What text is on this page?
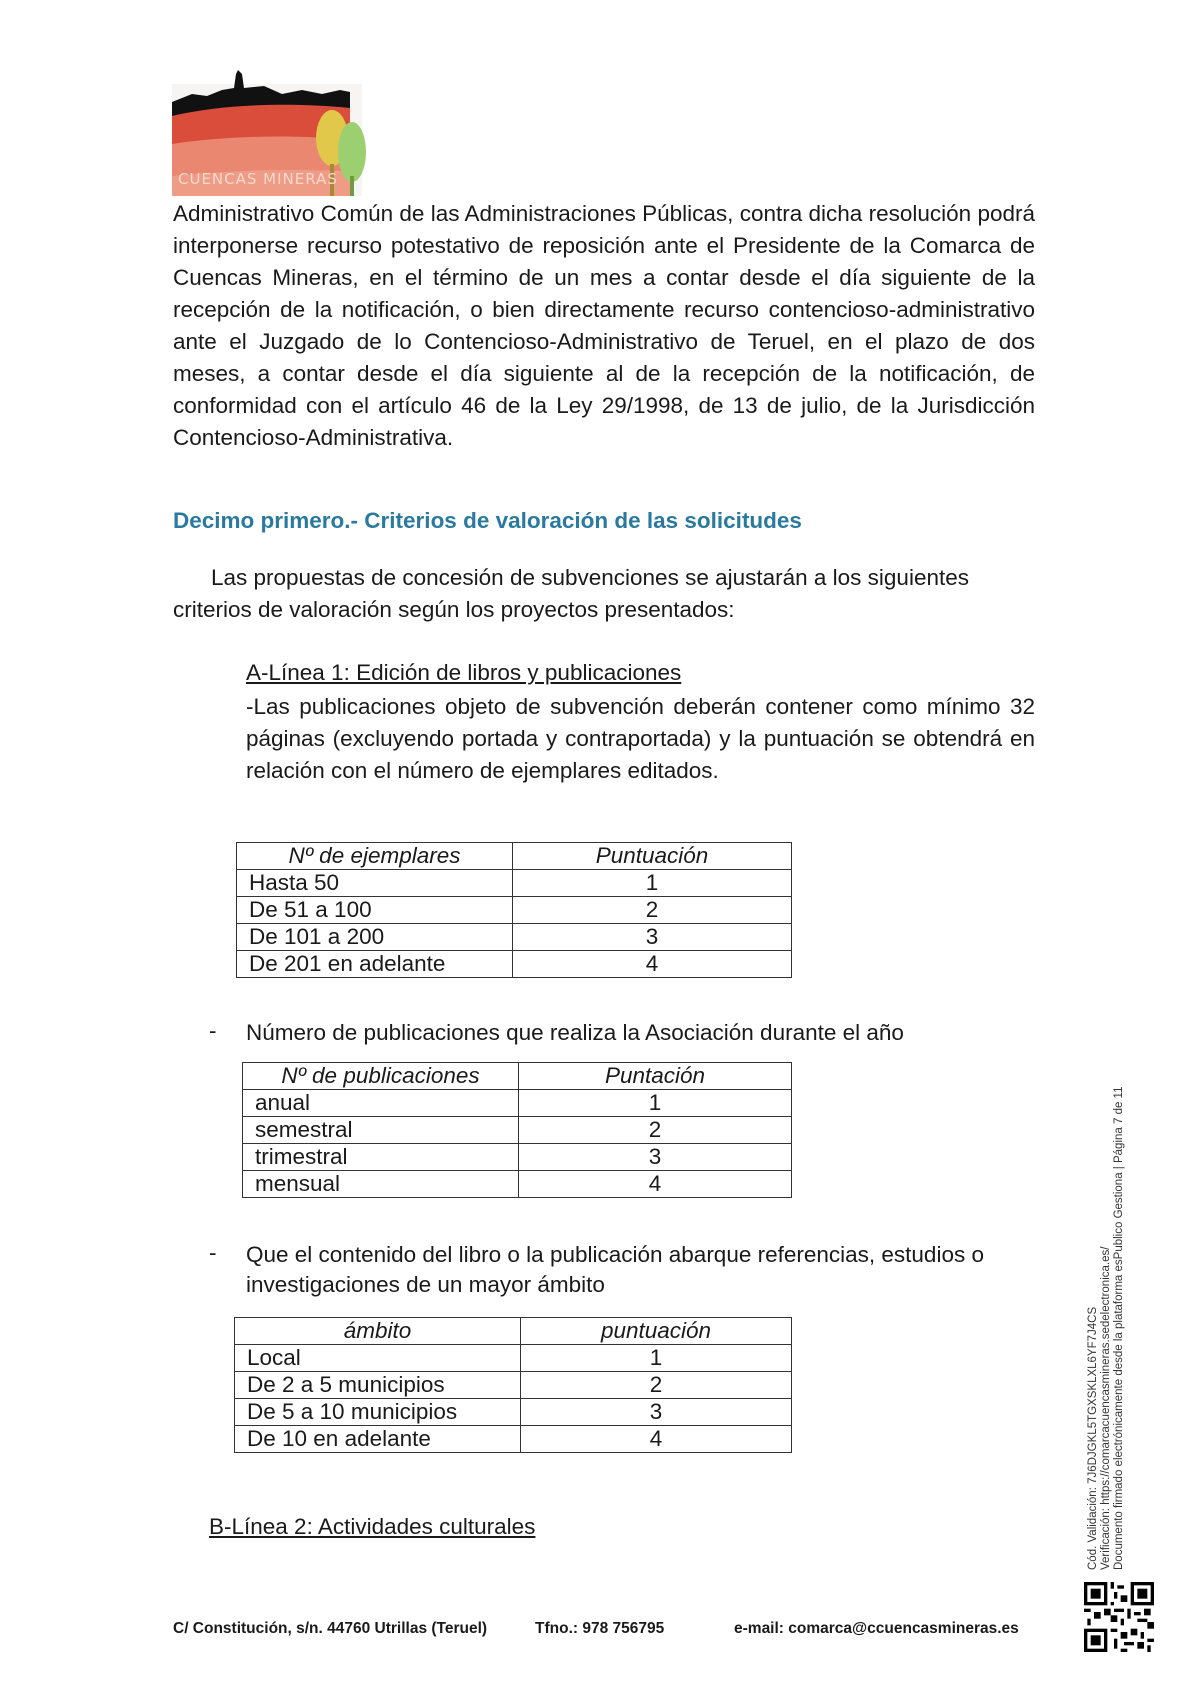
CUENCAS MINERAS
Administrativo Común de las Administraciones Públicas, contra dicha resolución podrá interponerse recurso potestativo de reposición ante el Presidente de la Comarca de Cuencas Mineras, en el término de un mes a contar desde el día siguiente de la recepción de la notificación, o bien directamente recurso contencioso-administrativo ante el Juzgado de lo Contencioso-Administrativo de Teruel, en el plazo de dos meses, a contar desde el día siguiente al de la recepción de la notificación, de conformidad con el artículo 46 de la Ley 29/1998, de 13 de julio, de la Jurisdicción Contencioso-Administrativa.
Decimo primero.- Criterios de valoración de las solicitudes
Las propuestas de concesión de subvenciones se ajustarán a los siguientes criterios de valoración según los proyectos presentados:
A-Línea 1: Edición de libros y publicaciones
-Las publicaciones objeto de subvención deberán contener como mínimo 32 páginas (excluyendo portada y contraportada) y la puntuación se obtendrá en relación con el número de ejemplares editados.
Nº de ejemplares	Puntuación
Hasta 50	1
De 51 a 100	2
De 101 a 200	3
De 201 en adelante	4
- Número de publicaciones que realiza la Asociación durante el año
Nº de publicaciones	Puntación
anual	1
semestral	2
trimestral	3
mensual	4
- Que el contenido del libro o la publicación abarque referencias, estudios o investigaciones de un mayor ámbito
ámbito	puntuación
Local	1
De 2 a 5 municipios	2
De 5 a 10 municipios	3
De 10 en adelante	4
B-Línea 2: Actividades culturales
C/ Constitución, s/n. 44760 Utrillas (Teruel)	Tfno.: 978 756795	e-mail: comarca@ccuencasmineras.es
Cód. Validación: 7J6DJGKL5TGXSKLXL6YF7J4CS Verificación: https://comarcacuencasmineras.sedelectronica.es/ Documento firmado electrónicamente desde la plataforma esPublico Gestiona | Página 7 de 11
